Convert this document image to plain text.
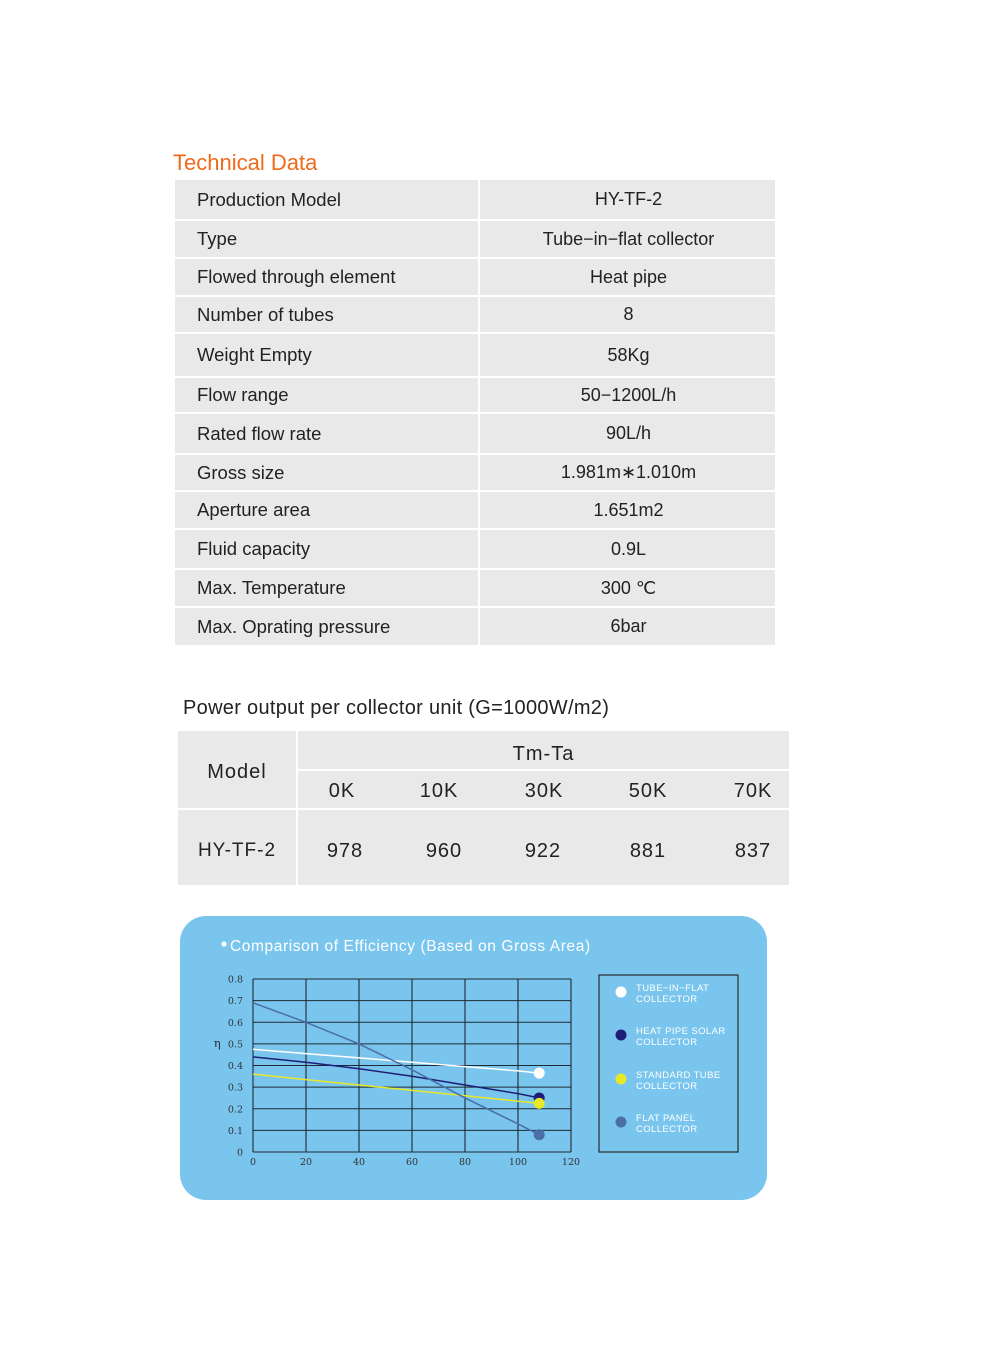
Technical Data
Production Model	HY-TF-2
Type	Tube−in−flat collector
Flowed through element	Heat pipe
Number of tubes	8
Weight Empty	58Kg
Flow range	50−1200L/h
Rated flow rate	90L/h
Gross size	1.981m∗1.010m
Aperture area	1.651m2
Fluid capacity	0.9L
Max. Temperature	300 ℃
Max. Oprating pressure	6bar
Power output per collector unit (G=1000W/m2)
Model
Tm-Ta
0K	10K	30K	50K	70K
HY-TF-2	978	960	922	881	837
Comparison of Efficiency (Based on Gross Area)
0
0.1
0.2
0.3
0.4
0.5
0.6
0.7
0.8
0	20	40	60	80	100	120
η
TUBE−IN−FLAT
COLLECTOR
HEAT PIPE SOLAR
COLLECTOR
STANDARD TUBE
COLLECTOR
FLAT PANEL
COLLECTOR
